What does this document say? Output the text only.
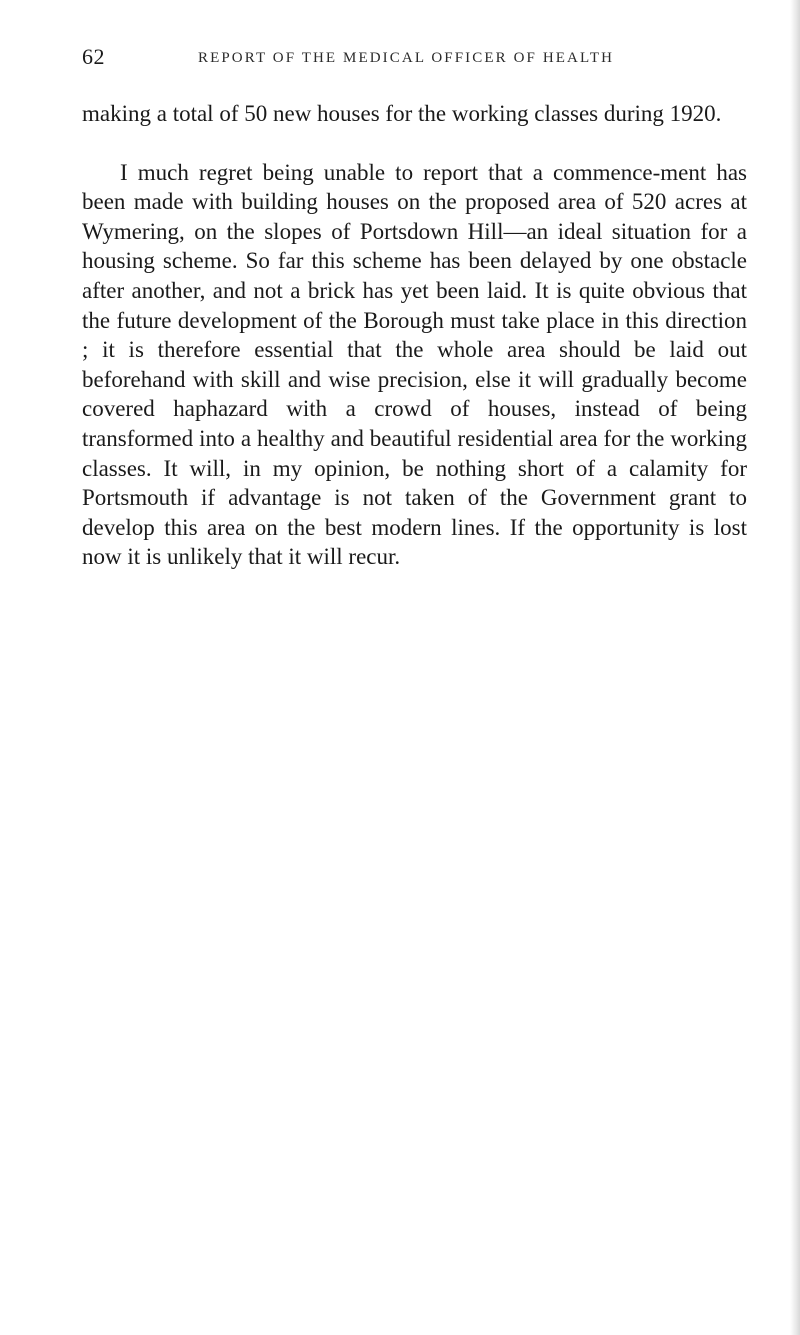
62	REPORT OF THE MEDICAL OFFICER OF HEALTH

making a total of 50 new houses for the working classes during 1920.

I much regret being unable to report that a commence-ment has been made with building houses on the proposed area of 520 acres at Wymering, on the slopes of Portsdown Hill—an ideal situation for a housing scheme. So far this scheme has been delayed by one obstacle after another, and not a brick has yet been laid. It is quite obvious that the future development of the Borough must take place in this direction ; it is therefore essential that the whole area should be laid out beforehand with skill and wise precision, else it will gradually become covered haphazard with a crowd of houses, instead of being transformed into a healthy and beautiful residential area for the working classes. It will, in my opinion, be nothing short of a calamity for Portsmouth if advantage is not taken of the Government grant to develop this area on the best modern lines. If the opportunity is lost now it is unlikely that it will recur.
